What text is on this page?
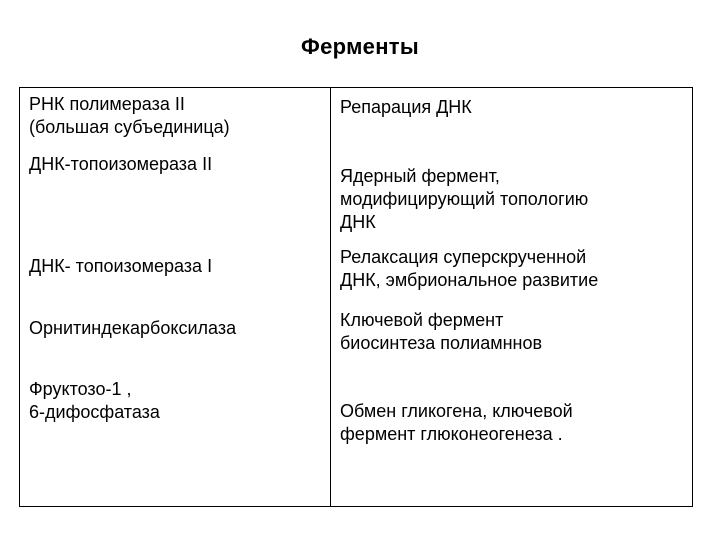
Ферменты
РНК полимераза II
(большая субъединица)
ДНК-топоизомераза II
ДНК- топоизомераза I
Орнитиндекарбоксилаза
Фруктозо-1 ,
6-дифосфатаза
Репарация ДНК
Ядерный фермент,
модифицирующий топологию
ДНК
Релаксация суперскрученной
ДНК, эмбриональное развитие
Ключевой фермент
биосинтеза полиамннов
Обмен гликогена, ключевой
фермент глюконеогенеза .
